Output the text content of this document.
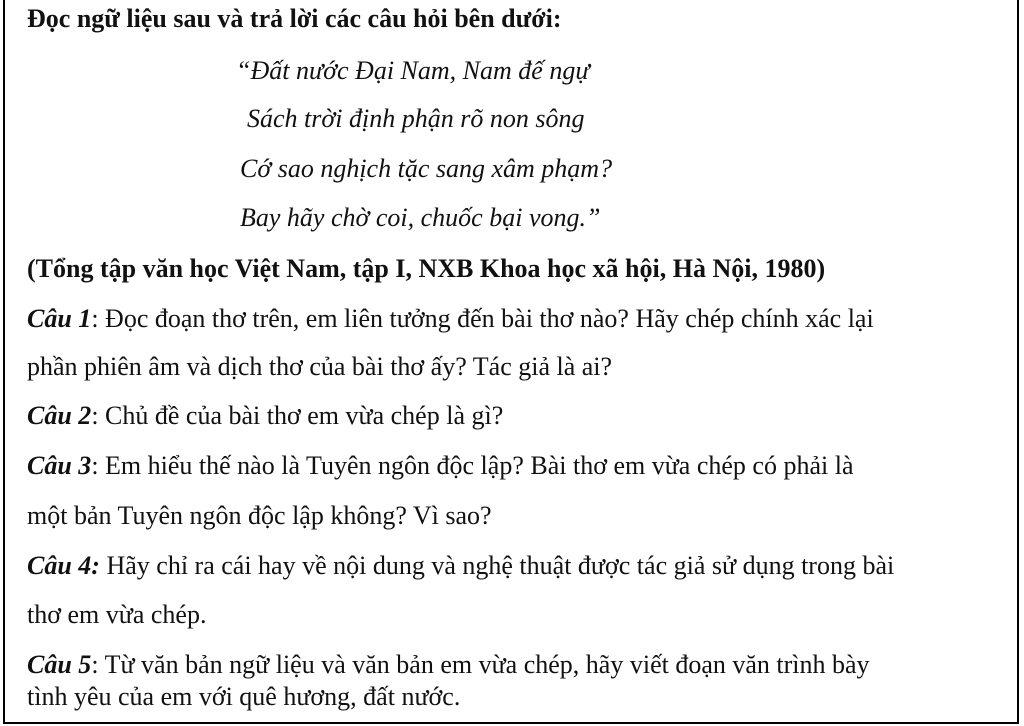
Đọc ngữ liệu sau và trả lời các câu hỏi bên dưới:
“Đất nước Đại Nam, Nam đế ngự
Sách trời định phận rõ non sông
Cớ sao nghịch tặc sang xâm phạm?
Bay hãy chờ coi, chuốc bại vong.”
(Tổng tập văn học Việt Nam, tập I, NXB Khoa học xã hội, Hà Nội, 1980)
Câu 1: Đọc đoạn thơ trên, em liên tưởng đến bài thơ nào? Hãy chép chính xác lại
phần phiên âm và dịch thơ của bài thơ ấy? Tác giả là ai?
Câu 2: Chủ đề của bài thơ em vừa chép là gì?
Câu 3: Em hiểu thế nào là Tuyên ngôn độc lập? Bài thơ em vừa chép có phải là
một bản Tuyên ngôn độc lập không? Vì sao?
Câu 4: Hãy chỉ ra cái hay về nội dung và nghệ thuật được tác giả sử dụng trong bài
thơ em vừa chép.
Câu 5: Từ văn bản ngữ liệu và văn bản em vừa chép, hãy viết đoạn văn trình bày
tình yêu của em với quê hương, đất nước.
